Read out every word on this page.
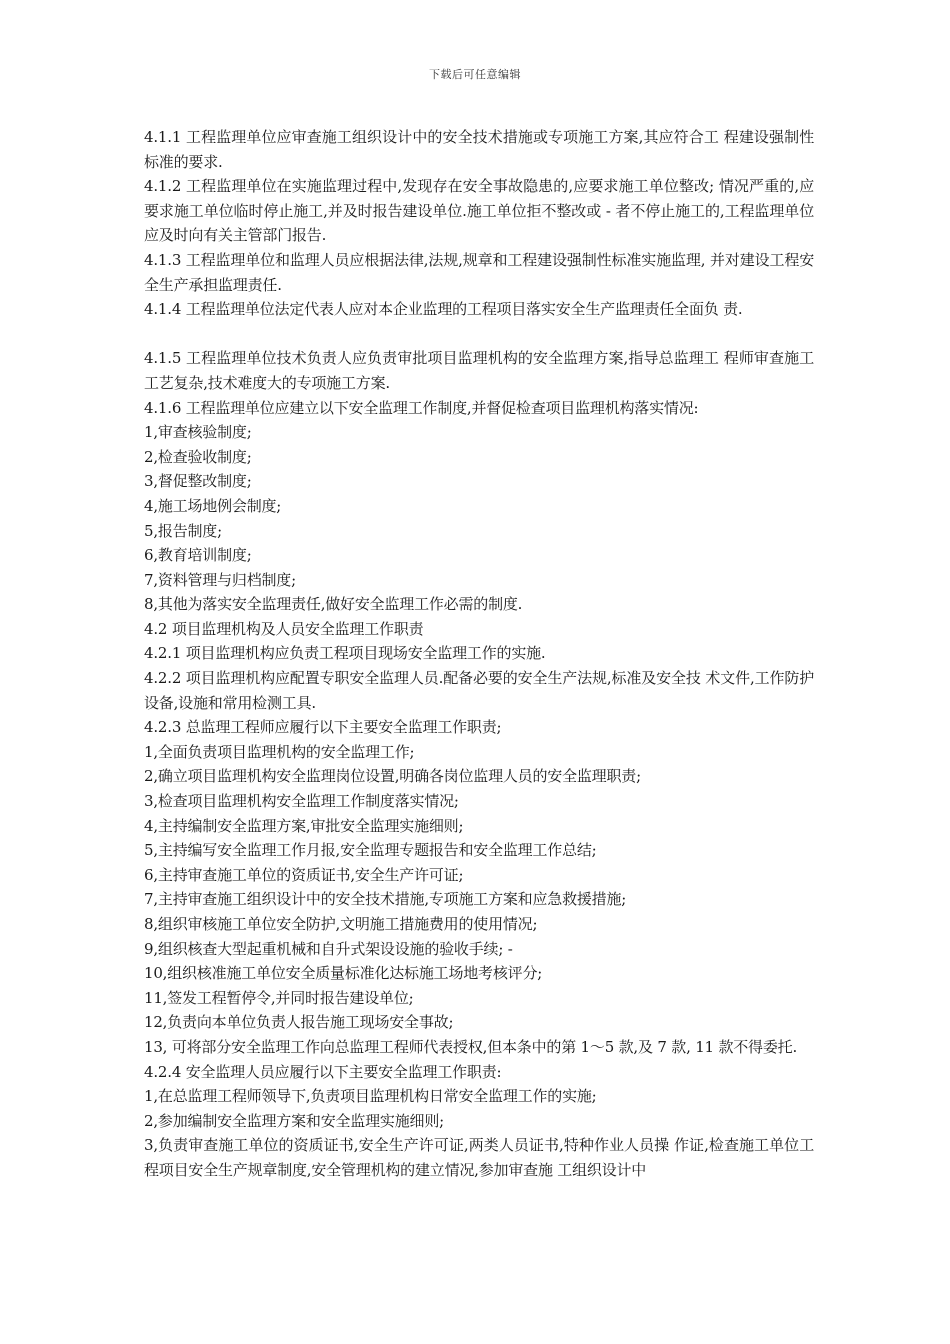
下载后可任意编辑

4.1.1 工程监理单位应审查施工组织设计中的安全技术措施或专项施工方案,其应符合工 程建设强制性标准的要求.

4.1.2 工程监理单位在实施监理过程中,发现存在安全事故隐患的,应要求施工单位整改; 情况严重的,应要求施工单位临时停止施工,并及时报告建设单位.施工单位拒不整改或 - 者不停止施工的,工程监理单位应及时向有关主管部门报告.

4.1.3 工程监理单位和监理人员应根据法律,法规,规章和工程建设强制性标准实施监理, 并对建设工程安全生产承担监理责任.

4.1.4 工程监理单位法定代表人应对本企业监理的工程项目落实安全生产监理责任全面负 责.

4.1.5 工程监理单位技术负责人应负责审批项目监理机构的安全监理方案,指导总监理工 程师审查施工工艺复杂,技术难度大的专项施工方案.

4.1.6 工程监理单位应建立以下安全监理工作制度,并督促检查项目监理机构落实情况:

1,审查核验制度;

2,检查验收制度;

3,督促整改制度;

4,施工场地例会制度;

5,报告制度;

6,教育培训制度;

7,资料管理与归档制度;

8,其他为落实安全监理责任,做好安全监理工作必需的制度.

4.2 项目监理机构及人员安全监理工作职责

4.2.1 项目监理机构应负责工程项目现场安全监理工作的实施.

4.2.2 项目监理机构应配置专职安全监理人员.配备必要的安全生产法规,标准及安全技 术文件,工作防护设备,设施和常用检测工具.

4.2.3 总监理工程师应履行以下主要安全监理工作职责;

1,全面负责项目监理机构的安全监理工作;

2,确立项目监理机构安全监理岗位设置,明确各岗位监理人员的安全监理职责;

3,检查项目监理机构安全监理工作制度落实情况;

4,主持编制安全监理方案,审批安全监理实施细则;

5,主持编写安全监理工作月报,安全监理专题报告和安全监理工作总结;

6,主持审查施工单位的资质证书,安全生产许可证;

7,主持审查施工组织设计中的安全技术措施,专项施工方案和应急救援措施;

8,组织审核施工单位安全防护,文明施工措施费用的使用情况;

9,组织核查大型起重机械和自升式架设设施的验收手续; -

10,组织核准施工单位安全质量标准化达标施工场地考核评分;

11,签发工程暂停令,并同时报告建设单位;

12,负责向本单位负责人报告施工现场安全事故;

13, 可将部分安全监理工作向总监理工程师代表授权,但本条中的第 1～5 款,及 7 款, 11 款不得委托.

4.2.4 安全监理人员应履行以下主要安全监理工作职责:

1,在总监理工程师领导下,负责项目监理机构日常安全监理工作的实施;

2,参加编制安全监理方案和安全监理实施细则;

3,负责审查施工单位的资质证书,安全生产许可证,两类人员证书,特种作业人员操 作证,检查施工单位工程项目安全生产规章制度,安全管理机构的建立情况,参加审查施 工组织设计中
